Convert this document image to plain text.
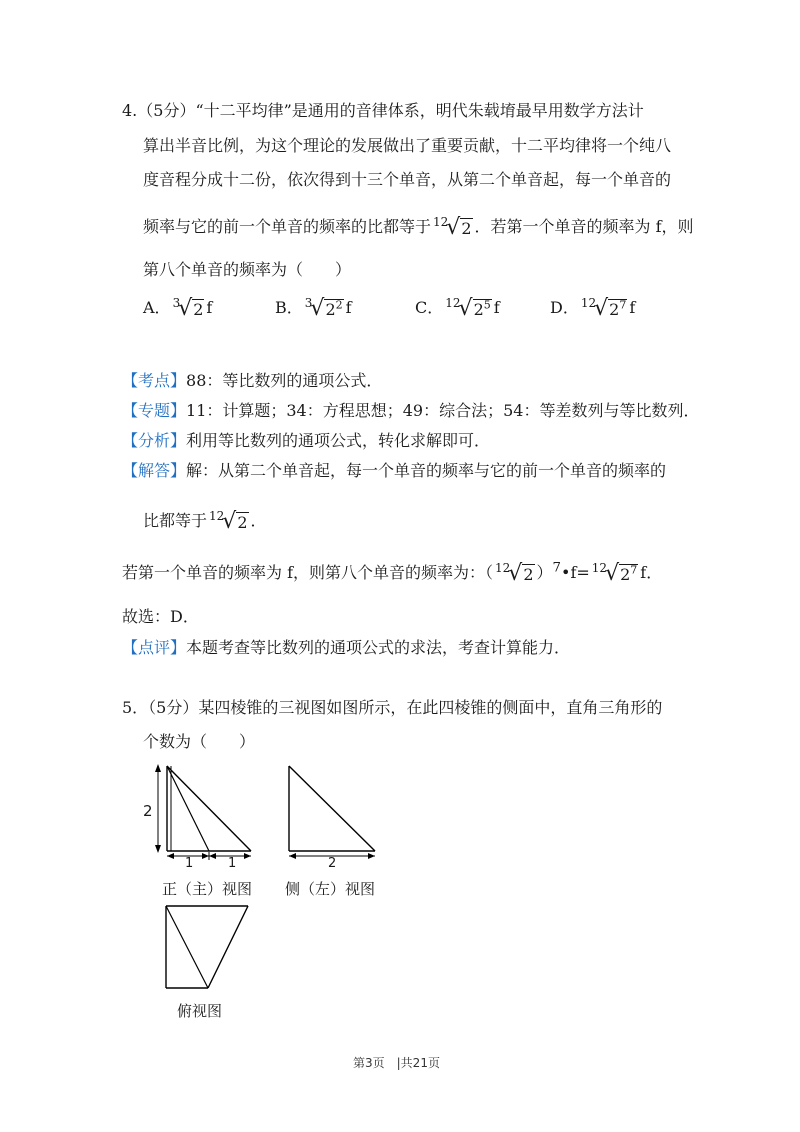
4.（5分）“十二平均律”是通用的音律体系，明代朱载堉最早用数学方法计
算出半音比例，为这个理论的发展做出了重要贡献，十二平均律将一个纯八
度音程分成十二份，依次得到十三个单音，从第二个单音起，每一个单音的
频率与它的前一个单音的频率的比都等于 $^{12}$√2 ．若第一个单音的频率为 f，则
第八个单音的频率为（　　）
A． $^3$√2 f	B． $^3√2^2$ f	C． $^{12}√2^5$ f	D． $^{12}√2^7$ f
【考点】88：等比数列的通项公式．
【专题】11：计算题；34：方程思想；49：综合法；54：等差数列与等比数列．
【分析】利用等比数列的通项公式，转化求解即可．
【解答】解：从第二个单音起，每一个单音的频率与它的前一个单音的频率的
比都等于 $^{12}$√2 ．
若第一个单音的频率为 f，则第八个单音的频率为：（ $^{12}$√2 ）$^7$•f= $^{12}√2^7$ f．
故选：D．
【点评】本题考查等比数列的通项公式的求法，考查计算能力．
5．（5分）某四棱锥的三视图如图所示，在此四棱锥的侧面中，直角三角形的
个数为（　　）
2
1	1
正（主）视图
2
侧（左）视图
俯视图
第3页　|共21页
